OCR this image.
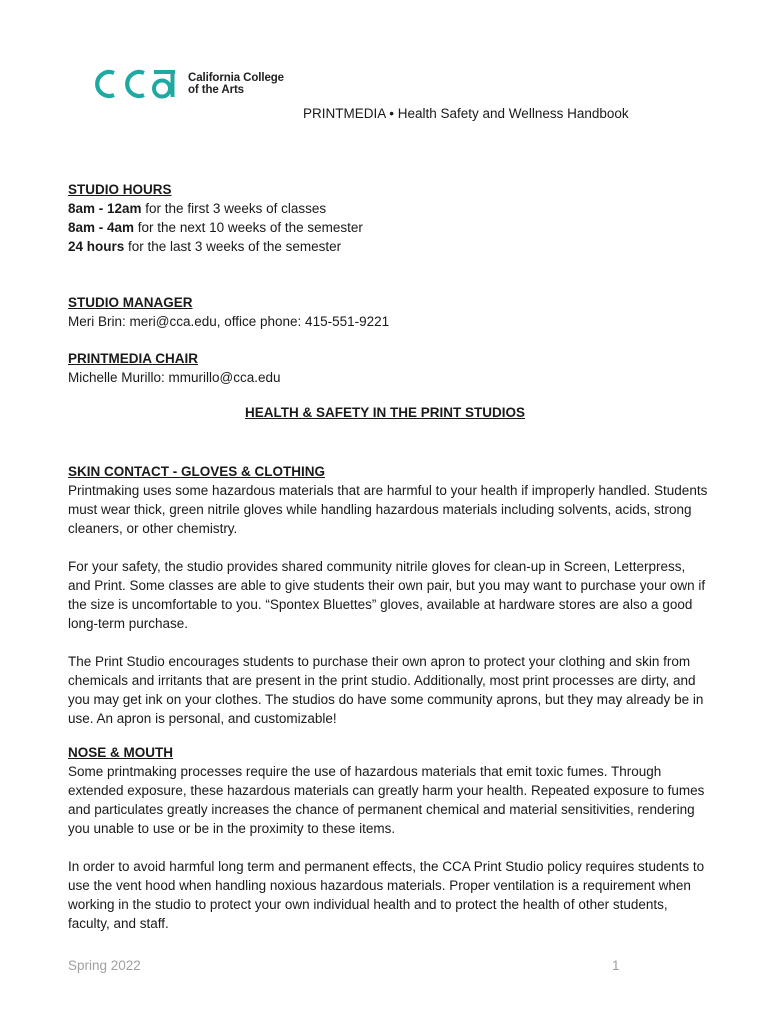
California College
of the Arts
PRINTMEDIA • Health Safety and Wellness Handbook
STUDIO HOURS
8am - 12am for the first 3 weeks of classes
8am - 4am for the next 10 weeks of the semester
24 hours for the last 3 weeks of the semester
STUDIO MANAGER
Meri Brin: meri@cca.edu, office phone: 415-551-9221
PRINTMEDIA CHAIR
Michelle Murillo: mmurillo@cca.edu
HEALTH & SAFETY IN THE PRINT STUDIOS
SKIN CONTACT - GLOVES & CLOTHING

Printmaking uses some hazardous materials that are harmful to your health if improperly handled. Students must wear thick, green nitrile gloves while handling hazardous materials including solvents, acids, strong cleaners, or other chemistry.

For your safety, the studio provides shared community nitrile gloves for clean-up in Screen, Letterpress, and Print. Some classes are able to give students their own pair, but you may want to purchase your own if the size is uncomfortable to you. “Spontex Bluettes” gloves, available at hardware stores are also a good long-term purchase.

The Print Studio encourages students to purchase their own apron to protect your clothing and skin from chemicals and irritants that are present in the print studio. Additionally, most print processes are dirty, and you may get ink on your clothes. The studios do have some community aprons, but they may already be in use. An apron is personal, and customizable!

NOSE & MOUTH

Some printmaking processes require the use of hazardous materials that emit toxic fumes. Through extended exposure, these hazardous materials can greatly harm your health. Repeated exposure to fumes and particulates greatly increases the chance of permanent chemical and material sensitivities, rendering you unable to use or be in the proximity to these items.

In order to avoid harmful long term and permanent effects, the CCA Print Studio policy requires students to use the vent hood when handling noxious hazardous materials. Proper ventilation is a requirement when working in the studio to protect your own individual health and to protect the health of other students, faculty, and staff.

Spring 2022	1
